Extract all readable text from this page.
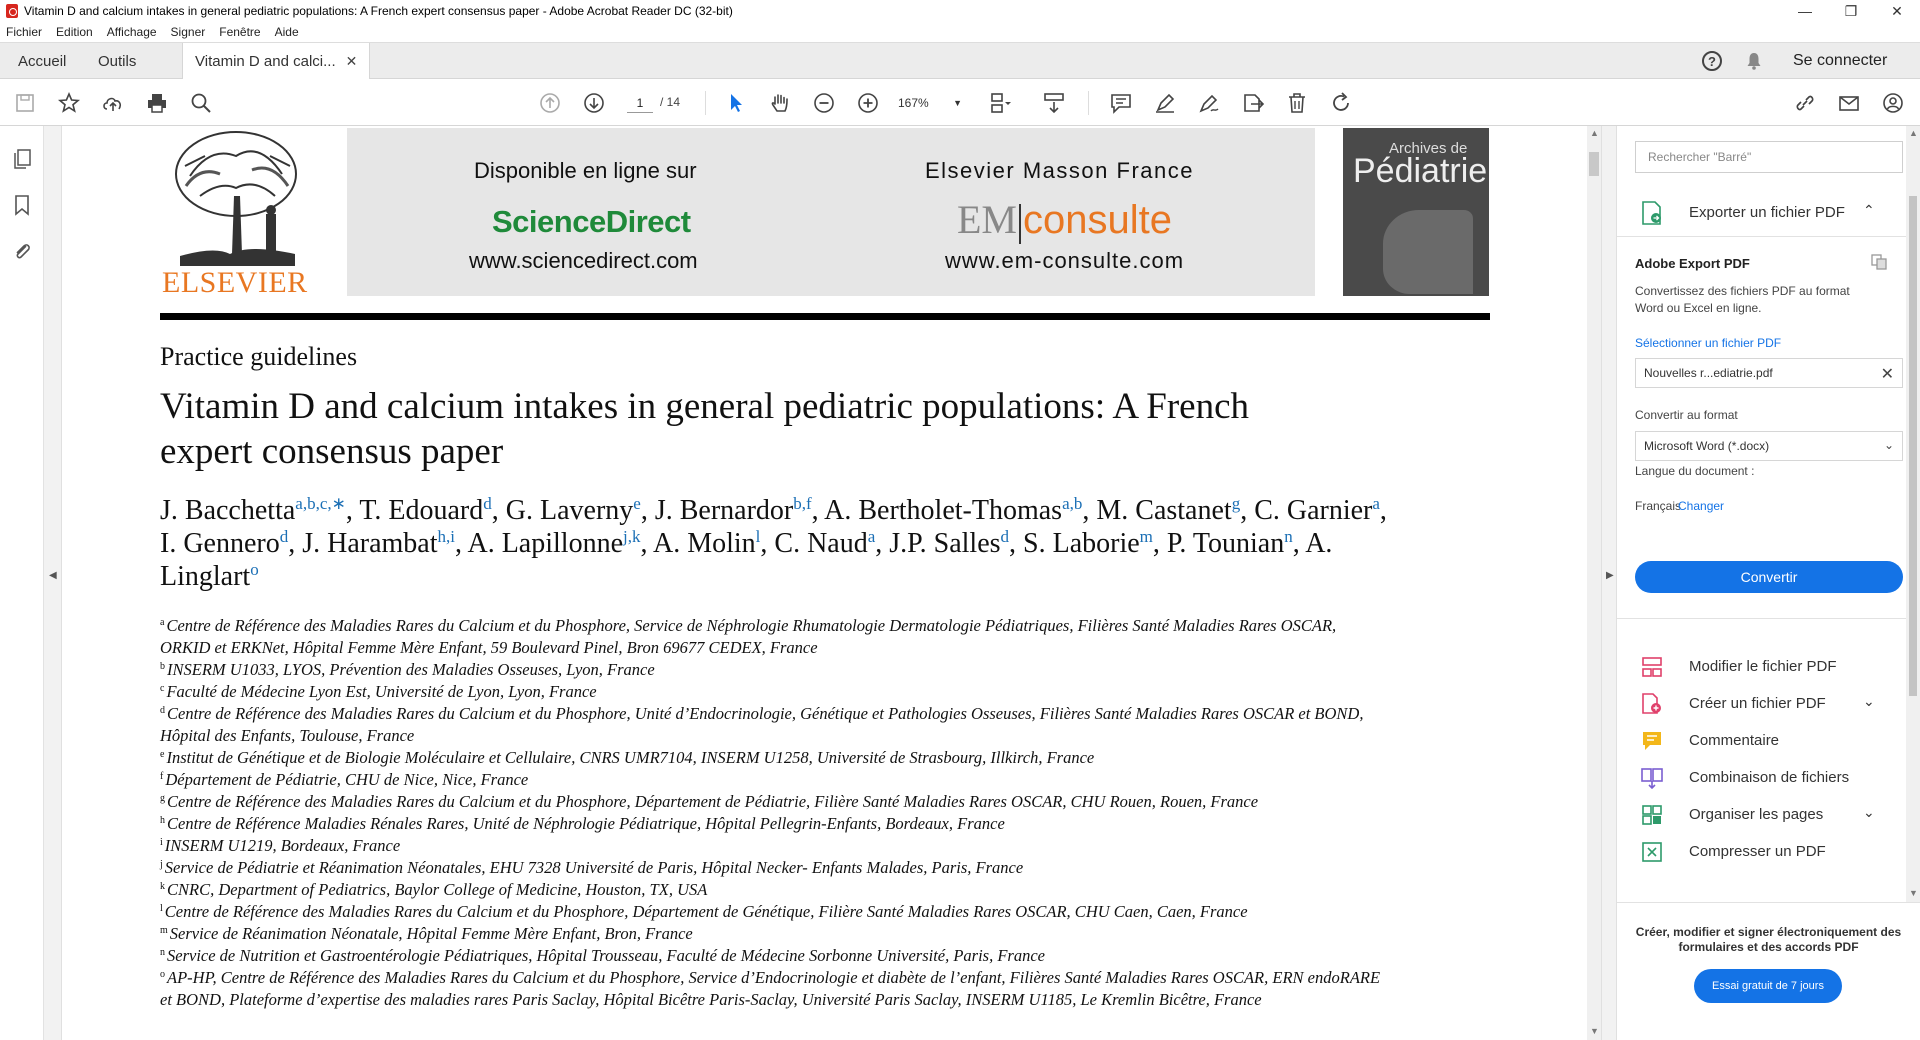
Vitamin D and calcium intakes in general pediatric populations: A French expert consensus paper - Adobe Acrobat Reader DC (32-bit)	—	❐	✕
Fichier Edition Affichage Signer Fenêtre Aide
Accueil Outils	Vitamin D and calci... ✕	?	Se connecter
1	/ 14	167%	▼
◀
ELSEVIER
Disponible en ligne sur
ScienceDirect
www.sciencedirect.com
Elsevier Masson France
EM consulte
www.em-consulte.com
Archives de
Pédiatrie
Practice guidelines
Vitamin D and calcium intakes in general pediatric populations: A French expert consensus paper
J. Bacchetta$^{a,b,c,∗}$, T. Edouard$^d$, G. Laverny$^e$, J. Bernardor$^{b,f}$, A. Bertholet-Thomas$^{a,b}$, M. Castanet$^g$, C. Garnier$^a$, I. Gennero$^d$, J. Harambat$^{h,i}$, A. Lapillonne$^{j,k}$, A. Molin$^l$, C. Naud$^a$, J.P. Salles$^d$, S. Laborie$^m$, P. Tounian$^n$, A. Linglart$^o$
$^a$ Centre de Référence des Maladies Rares du Calcium et du Phosphore, Service de Néphrologie Rhumatologie Dermatologie Pédiatriques, Filières Santé Maladies Rares OSCAR, ORKID et ERKNet, Hôpital Femme Mère Enfant, 59 Boulevard Pinel, Bron 69677 CEDEX, France
$^b$ INSERM U1033, LYOS, Prévention des Maladies Osseuses, Lyon, France
$^c$ Faculté de Médecine Lyon Est, Université de Lyon, Lyon, France
$^d$ Centre de Référence des Maladies Rares du Calcium et du Phosphore, Unité d’Endocrinologie, Génétique et Pathologies Osseuses, Filières Santé Maladies Rares OSCAR et BOND, Hôpital des Enfants, Toulouse, France
$^e$ Institut de Génétique et de Biologie Moléculaire et Cellulaire, CNRS UMR7104, INSERM U1258, Université de Strasbourg, Illkirch, France
$^f$ Département de Pédiatrie, CHU de Nice, Nice, France
$^g$ Centre de Référence des Maladies Rares du Calcium et du Phosphore, Département de Pédiatrie, Filière Santé Maladies Rares OSCAR, CHU Rouen, Rouen, France
$^h$ Centre de Référence Maladies Rénales Rares, Unité de Néphrologie Pédiatrique, Hôpital Pellegrin-Enfants, Bordeaux, France
$^i$ INSERM U1219, Bordeaux, France
$^j$ Service de Pédiatrie et Réanimation Néonatales, EHU 7328 Université de Paris, Hôpital Necker- Enfants Malades, Paris, France
$^k$ CNRC, Department of Pediatrics, Baylor College of Medicine, Houston, TX, USA
$^l$ Centre de Référence des Maladies Rares du Calcium et du Phosphore, Département de Génétique, Filière Santé Maladies Rares OSCAR, CHU Caen, Caen, France
$^m$ Service de Réanimation Néonatale, Hôpital Femme Mère Enfant, Bron, France
$^n$ Service de Nutrition et Gastroentérologie Pédiatriques, Hôpital Trousseau, Faculté de Médecine Sorbonne Université, Paris, France
$^o$ AP-HP, Centre de Référence des Maladies Rares du Calcium et du Phosphore, Service d’Endocrinologie et diabète de l’enfant, Filières Santé Maladies Rares OSCAR, ERN endoRARE et BOND, Plateforme d’expertise des maladies rares Paris Saclay, Hôpital Bicêtre Paris-Saclay, Université Paris Saclay, INSERM U1185, Le Kremlin Bicêtre, France
▲
▼
▶
Rechercher "Barré"
Exporter un fichier PDF ⌃
Adobe Export PDF
Convertissez des fichiers PDF au format Word ou Excel en ligne.
Sélectionner un fichier PDF
Nouvelles r...ediatrie.pdf	✕
Convertir au format
Microsoft Word (*.docx)	⌄
Langue du document :
Français
Changer
Convertir
Modifier le fichier PDF
Créer un fichier PDF	⌄
Commentaire
Combinaison de fichiers
Organiser les pages	⌄
Compresser un PDF
▲
▼
Créer, modifier et signer électroniquement des formulaires et des accords PDF
Essai gratuit de 7 jours
